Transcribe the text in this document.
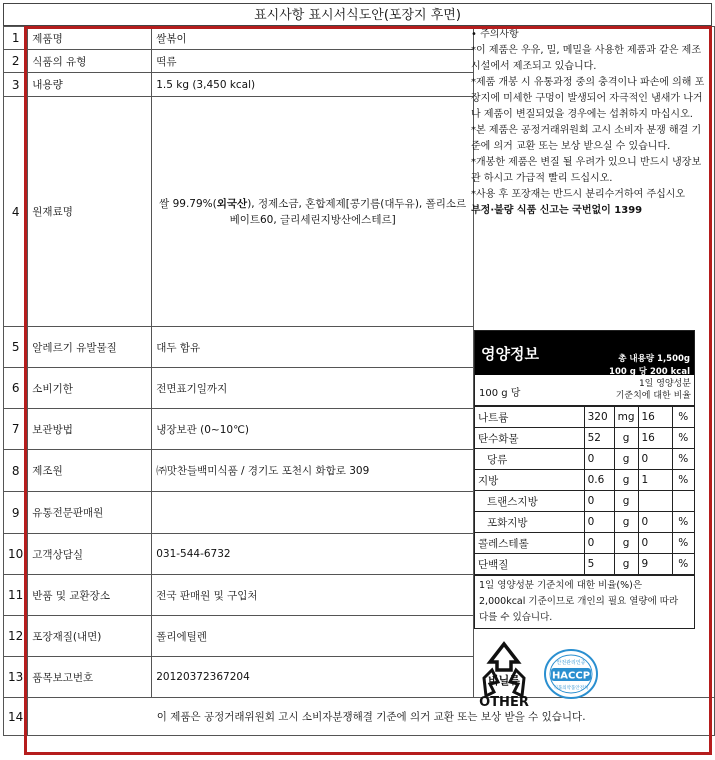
표시사항 표시서식도안(포장지 후면)
1	제품명	쌀볶이	
2	식품의 유형	떡류	
3	내용량	1.5 kg (3,450 kcal)	
4	원재료명	쌀 99.79%(외국산), 정제소금, 혼합제제[콩기름(대두유), 폴리소르베이트60, 글리세린지방산에스테르]	
5	알레르기 유발물질	대두 함유	
6	소비기한	전면표기일까지	
7	보관방법	냉장보관 (0~10℃)	
8	제조원	㈜맛찬들백미식품 / 경기도 포천시 화합로 309	
9	유통전문판매원		
10	고객상담실	031-544-6732	
11	반품 및 교환장소	전국 판매원 및 구입처	
12	포장재질(내면)	폴리에틸렌	
13	품목보고번호	20120372367204	
14	이 제품은 공정거래위원회 고시 소비자분쟁해결 기준에 의거 교환 또는 보상 받을 수 있습니다.		

• 주의사항

*이 제품은 우유, 밀, 메밀을 사용한 제품과 같은 제조시설에서 제조되고 있습니다.

*제품 개봉 시 유통과정 중의 충격이나 파손에 의해 포장지에 미세한 구멍이 발생되어 자극적인 냄새가 나거나 제품이 변질되었을 경우에는 섭취하지 마십시오.

*본 제품은 공정거래위원회 고시 소비자 분쟁 해결 기준에 의거 교환 또는 보상 받으실 수 있습니다.

*개봉한 제품은 변질 될 우려가 있으니 반드시 냉장보관 하시고 가급적 빨리 드십시오.

*사용 후 포장재는 반드시 분리수거하여 주십시오

부정·불량 식품 신고는 국번없이 1399

영양정보	총 내용량 1,500g
100 g 당 200 kcal
100 g 당
1일 영양성분
기준치에 대한 비율
나트륨	320	mg	16	%
탄수화물	52	g	16	%
당류	0	g	0	%
지방	0.6	g	1	%
트랜스지방	0	g		
포화지방	0	g	0	%
콜레스테롤	0	g	0	%
단백질	5	g	9	%
1일 영양성분 기준치에 대한 비율(%)은 2,000kcal 기준이므로 개인의 필요 열량에 따라 다를 수 있습니다.
비닐류
OTHER
안전관리인증
HACCP
식품의약품안전처
